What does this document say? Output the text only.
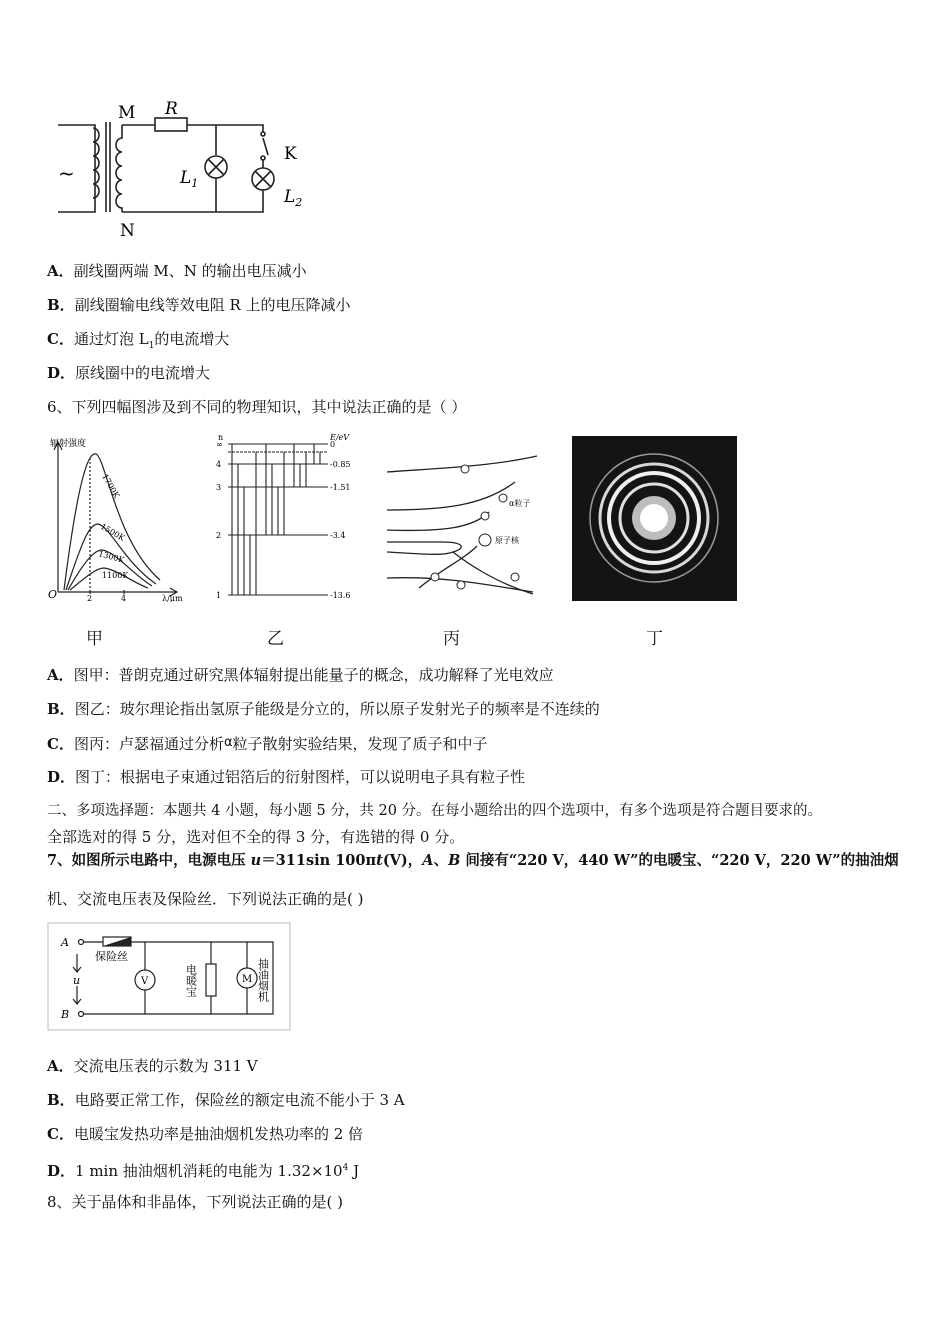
~
M R
K
$L_1$
$L_2$
N
A．副线圈两端 M、N 的输出电压减小
B．副线圈输电线等效电阻 R 上的电压降减小
C．通过灯泡 $L_1$的电流增大
D．原线圈中的电流增大
6、下列四幅图涉及到不同的物理知识，其中说法正确的是（ ）
辐射强度
λ/μm
O	2	4
1700K
1500K
1300K
1100K
n	E/eV
∞	0
4	-0.85
3	-1.51
2	-3.4
1	-13.6
α粒子
原子核
甲	乙	丙	丁
A．图甲：普朗克通过研究黑体辐射提出能量子的概念，成功解释了光电效应
B．图乙：玻尔理论指出氢原子能级是分立的，所以原子发射光子的频率是不连续的
C．图丙：卢瑟福通过分析α粒子散射实验结果，发现了质子和中子
D．图丁：根据电子束通过铝箔后的衍射图样，可以说明电子具有粒子性
二、多项选择题：本题共 4 小题，每小题 5 分，共 20 分。在每小题给出的四个选项中，有多个选项是符合题目要求的。
全部选对的得 5 分，选对但不全的得 3 分，有选错的得 0 分。
7、如图所示电路中，电源电压 u＝311sin 100πt(V)，A、B 间接有“220 V，440 W”的电暖宝、“220 V，220 W”的抽油烟
机、交流电压表及保险丝．下列说法正确的是( )
A
B
u
保险丝
V	M
电暖宝	抽油烟机
A．交流电压表的示数为 311 V
B．电路要正常工作，保险丝的额定电流不能小于 3 A
C．电暖宝发热功率是抽油烟机发热功率的 2 倍
D．1 min 抽油烟机消耗的电能为 $1.32\times 10^4$ J
8、关于晶体和非晶体，下列说法正确的是( )
